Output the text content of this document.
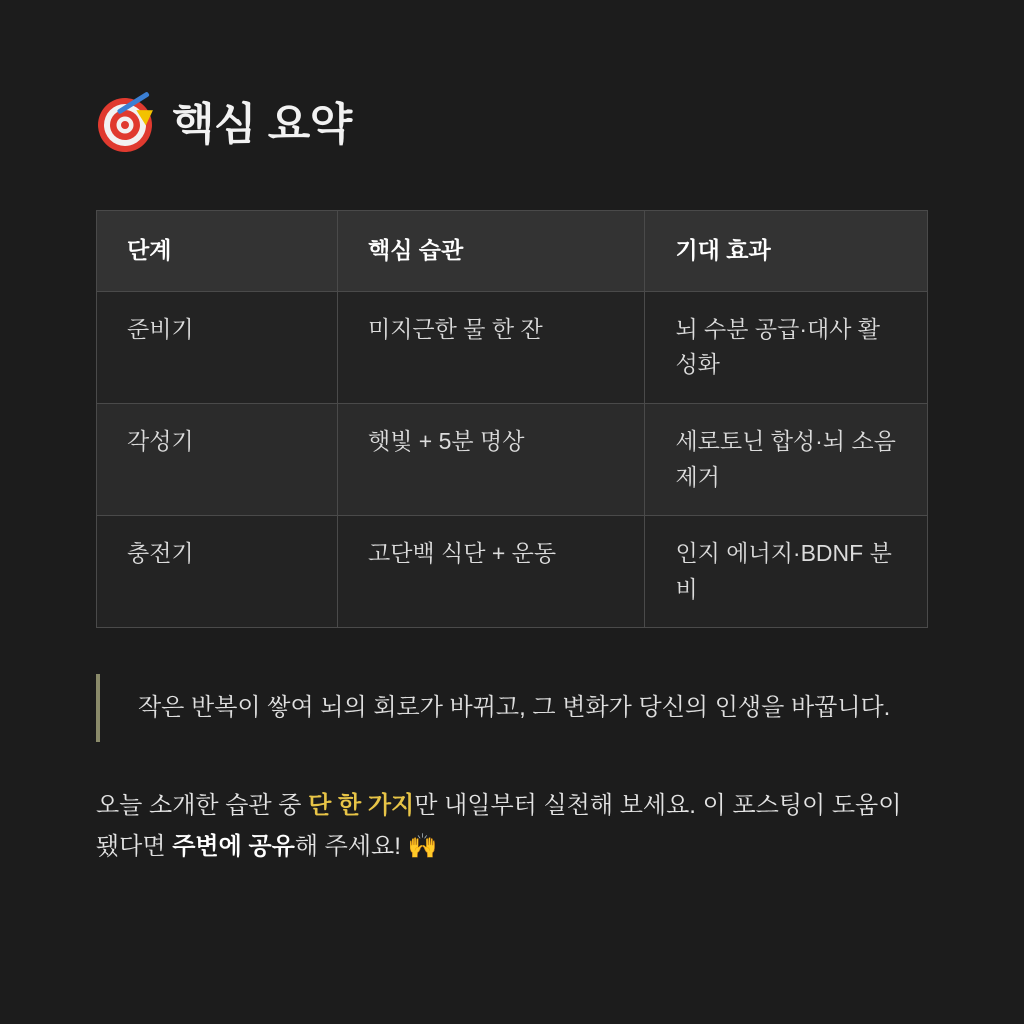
핵심 요약
단계	핵심 습관	기대 효과
준비기	미지근한 물 한 잔	뇌 수분 공급·대사 활성화
각성기	햇빛 + 5분 명상	세로토닌 합성·뇌 소음 제거
충전기	고단백 식단 + 운동	인지 에너지·BDNF 분비

작은 반복이 쌓여 뇌의 회로가 바뀌고, 그 변화가 당신의 인생을 바꿉니다.

오늘 소개한 습관 중 단 한 가지만 내일부터 실천해 보세요. 이 포스팅이 도움이 됐다면 주변에 공유해 주세요! 🙌
